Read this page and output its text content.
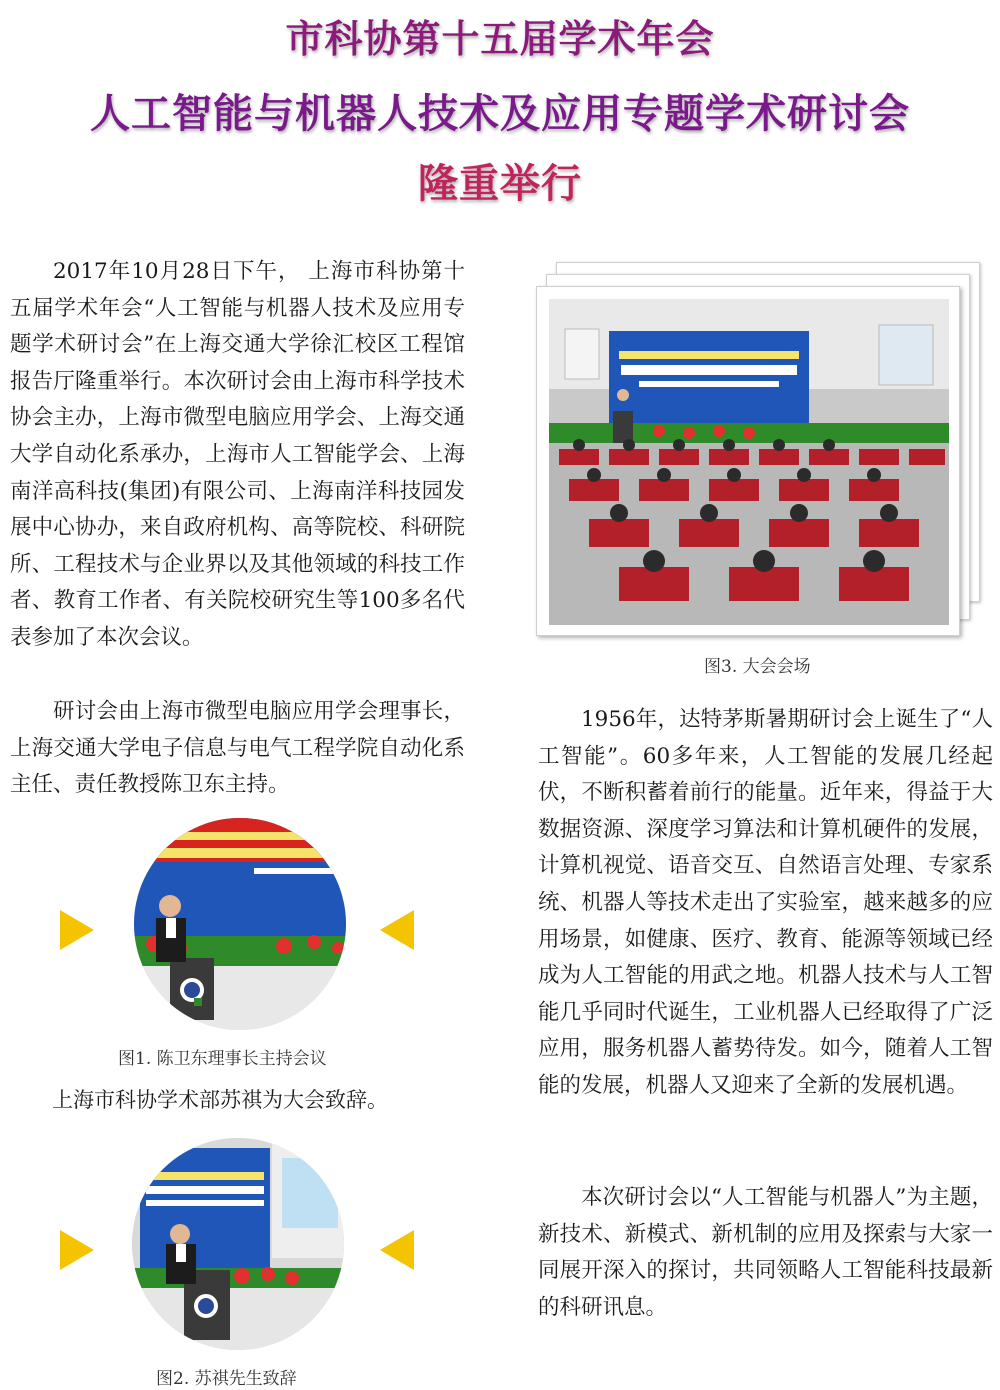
市科协第十五届学术年会
人工智能与机器人技术及应用专题学术研讨会
隆重举行

2017年10月28日下午， 上海市科协第十五届学术年会“人工智能与机器人技术及应用专题学术研讨会”在上海交通大学徐汇校区工程馆报告厅隆重举行。本次研讨会由上海市科学技术协会主办，上海市微型电脑应用学会、上海交通大学自动化系承办，上海市人工智能学会、上海南洋高科技(集团)有限公司、上海南洋科技园发展中心协办，来自政府机构、高等院校、科研院所、工程技术与企业界以及其他领域的科技工作者、教育工作者、有关院校研究生等100多名代表参加了本次会议。

研讨会由上海市微型电脑应用学会理事长，上海交通大学电子信息与电气工程学院自动化系主任、责任教授陈卫东主持。

图1. 陈卫东理事长主持会议
上海市科协学术部苏祺为大会致辞。
图2. 苏祺先生致辞
图3. 大会会场

1956年，达特茅斯暑期研讨会上诞生了“人工智能”。60多年来，人工智能的发展几经起伏，不断积蓄着前行的能量。近年来，得益于大数据资源、深度学习算法和计算机硬件的发展，计算机视觉、语音交互、自然语言处理、专家系统、机器人等技术走出了实验室，越来越多的应用场景，如健康、医疗、教育、能源等领域已经成为人工智能的用武之地。机器人技术与人工智能几乎同时代诞生，工业机器人已经取得了广泛应用，服务机器人蓄势待发。如今，随着人工智能的发展，机器人又迎来了全新的发展机遇。

本次研讨会以“人工智能与机器人”为主题，新技术、新模式、新机制的应用及探索与大家一同展开深入的探讨，共同领略人工智能科技最新的科研讯息。
